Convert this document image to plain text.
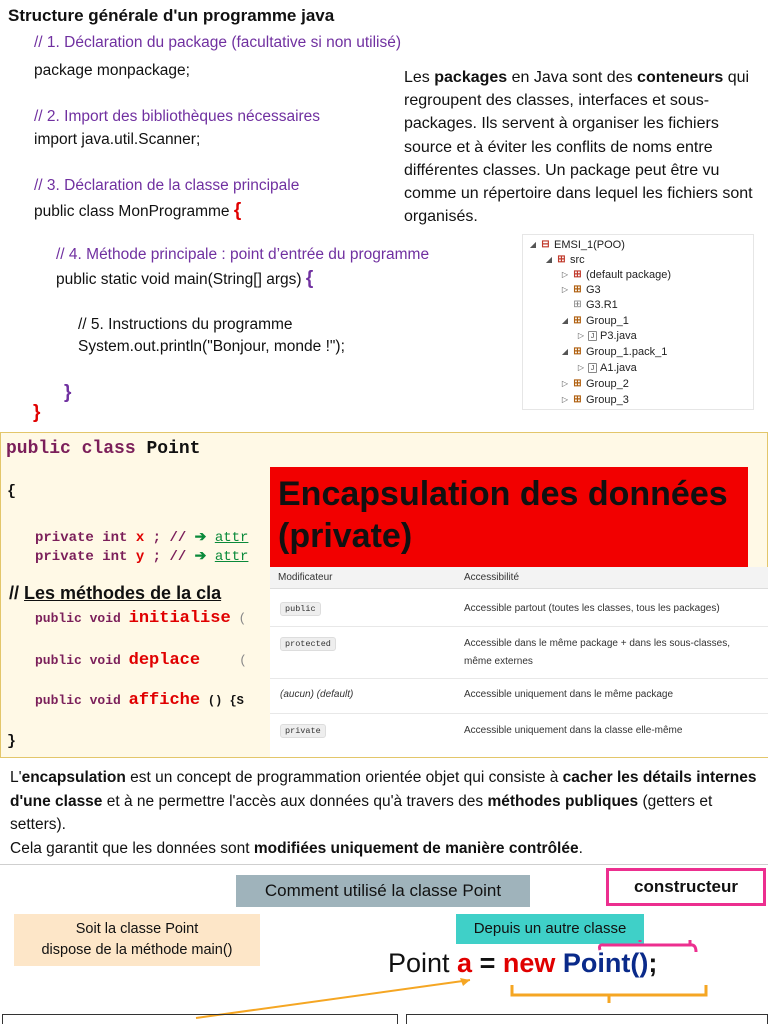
Structure générale d'un programme java
// 1. Déclaration du package (facultative si non utilisé)
package monpackage;
// 2. Import des bibliothèques nécessaires
import java.util.Scanner;
// 3. Déclaration de la classe principale
public class MonProgramme {
// 4. Méthode principale : point d’entrée du programme
public static void main(String[] args) {
// 5. Instructions du programme
System.out.println("Bonjour, monde !");
}
}
Les packages en Java sont des conteneurs qui regroupent des classes, interfaces et sous-packages. Ils servent à organiser les fichiers source et à éviter les conflits de noms entre différentes classes. Un package peut être vu comme un répertoire dans lequel les fichiers sont organisés.
◢ ⊟ EMSI_1(POO)
◢ ⊞ src
▷ ⊞ (default package)
▷ ⊞ G3
⊞ G3.R1
◢ ⊞ Group_1
▷ J P3.java
◢ ⊞ Group_1.pack_1
▷ J A1.java
▷ ⊞ Group_2
▷ ⊞ Group_3
public class Point
{
private int x ; // ➔ attr
private int y ; // ➔ attr
// Les méthodes de la cla
public void initialise (
public void deplace	(
public void affiche () {S
}
Encapsulation des données (private)
Modificateur	Accessibilité
public	Accessible partout (toutes les classes, tous les packages)
protected	Accessible dans le même package + dans les sous-classes,
même externes
(aucun) (default)	Accessible uniquement dans le même package
private	Accessible uniquement dans la classe elle-même
L'encapsulation est un concept de programmation orientée objet qui consiste à cacher les détails internes d'une classe et à ne permettre l'accès aux données qu'à travers des méthodes publiques (getters et setters).
Cela garantit que les données sont modifiées uniquement de manière contrôlée.
Comment utilisé la classe Point	constructeur
Soit la classe Point
dispose de la méthode main()
Depuis un autre classe
Point a = new Point();
